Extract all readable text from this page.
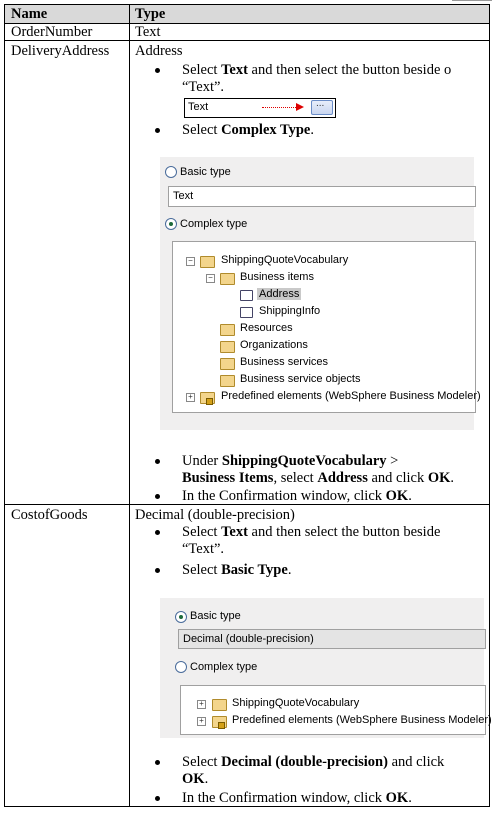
Name	Type
OrderNumber	Text
DeliveryAddress Address
Select Text and then select the button beside o
“Text”.
Text
...
Select Complex Type.
Basic type
Text
Complex type
−	ShippingQuoteVocabulary
− Business items
Address
ShippingInfo
Resources
Organizations
Business services
Business service objects
+	Predefined elements (WebSphere Business Modeler)
Under ShippingQuoteVocabulary >
Business Items, select Address and click OK.
In the Confirmation window, click OK.
CostofGoods	Decimal (double-precision)
Select Text and then select the button beside
“Text”.
Select Basic Type.
Basic type
Decimal (double-precision)
Complex type
+	ShippingQuoteVocabulary
+	Predefined elements (WebSphere Business Modeler)
Select Decimal (double-precision) and click
OK.
In the Confirmation window, click OK.
